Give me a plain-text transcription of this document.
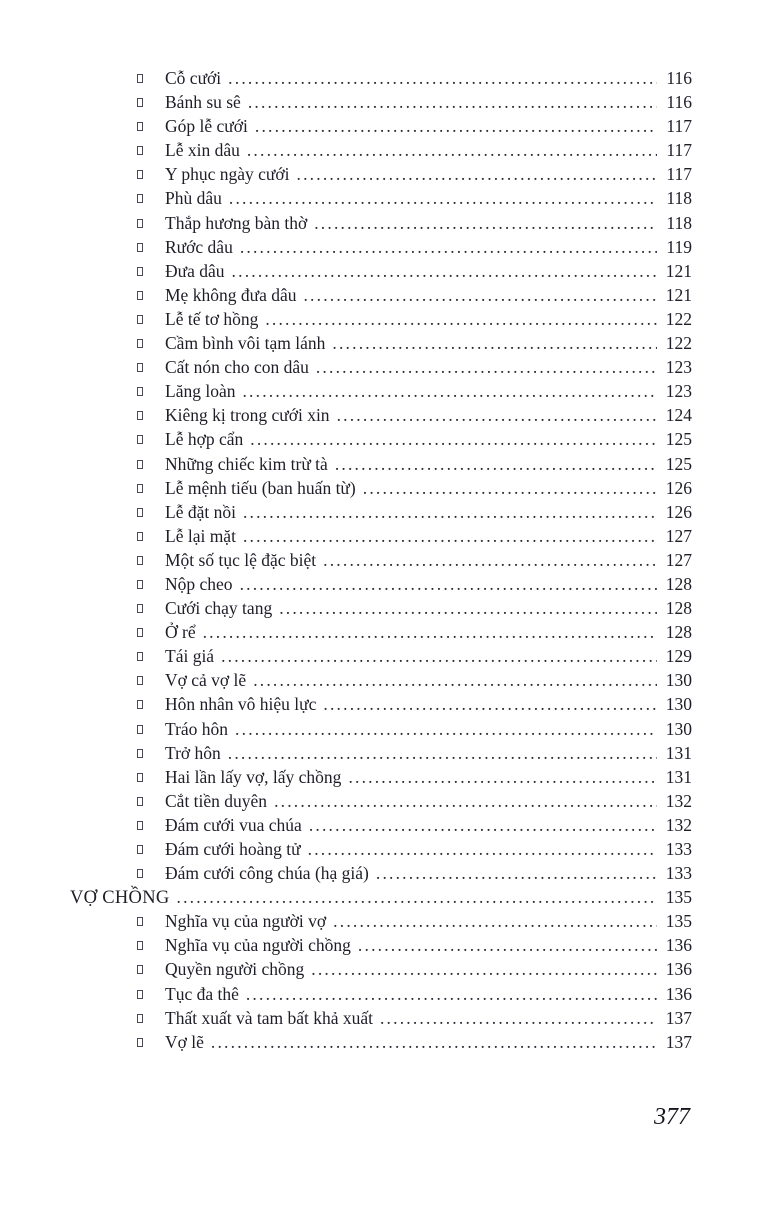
Cỗ cưới .....	116
Bánh su sê .....	116
Góp lễ cưới .....	117
Lễ xin dâu .....	117
Y phục ngày cưới .....	117
Phù dâu .....	118
Thắp hương bàn thờ .....	118
Rước dâu .....	119
Đưa dâu .....	121
Mẹ không đưa dâu .....	121
Lễ tế tơ hồng .....	122
Cầm bình vôi tạm lánh .....	122
Cất nón cho con dâu .....	123
Lăng loàn .....	123
Kiêng kị trong cưới xin .....	124
Lễ hợp cẩn .....	125
Những chiếc kim trừ tà .....	125
Lễ mệnh tiếu (ban huấn từ) .....	126
Lễ đặt nồi .....	126
Lễ lại mặt .....	127
Một số tục lệ đặc biệt .....	127
Nộp cheo .....	128
Cưới chạy tang .....	128
Ở rể .....	128
Tái giá .....	129
Vợ cả vợ lẽ .....	130
Hôn nhân vô hiệu lực .....	130
Tráo hôn .....	130
Trở hôn .....	131
Hai lần lấy vợ, lấy chồng .....	131
Cắt tiền duyên .....	132
Đám cưới vua chúa .....	132
Đám cưới hoàng tử .....	133
Đám cưới công chúa (hạ giá) .....	133
VỢ CHỒNG .....	135
Nghĩa vụ của người vợ .....	135
Nghĩa vụ của người chồng .....	136
Quyền người chồng .....	136
Tục đa thê .....	136
Thất xuất và tam bất khả xuất .....	137
Vợ lẽ .....	137
377
